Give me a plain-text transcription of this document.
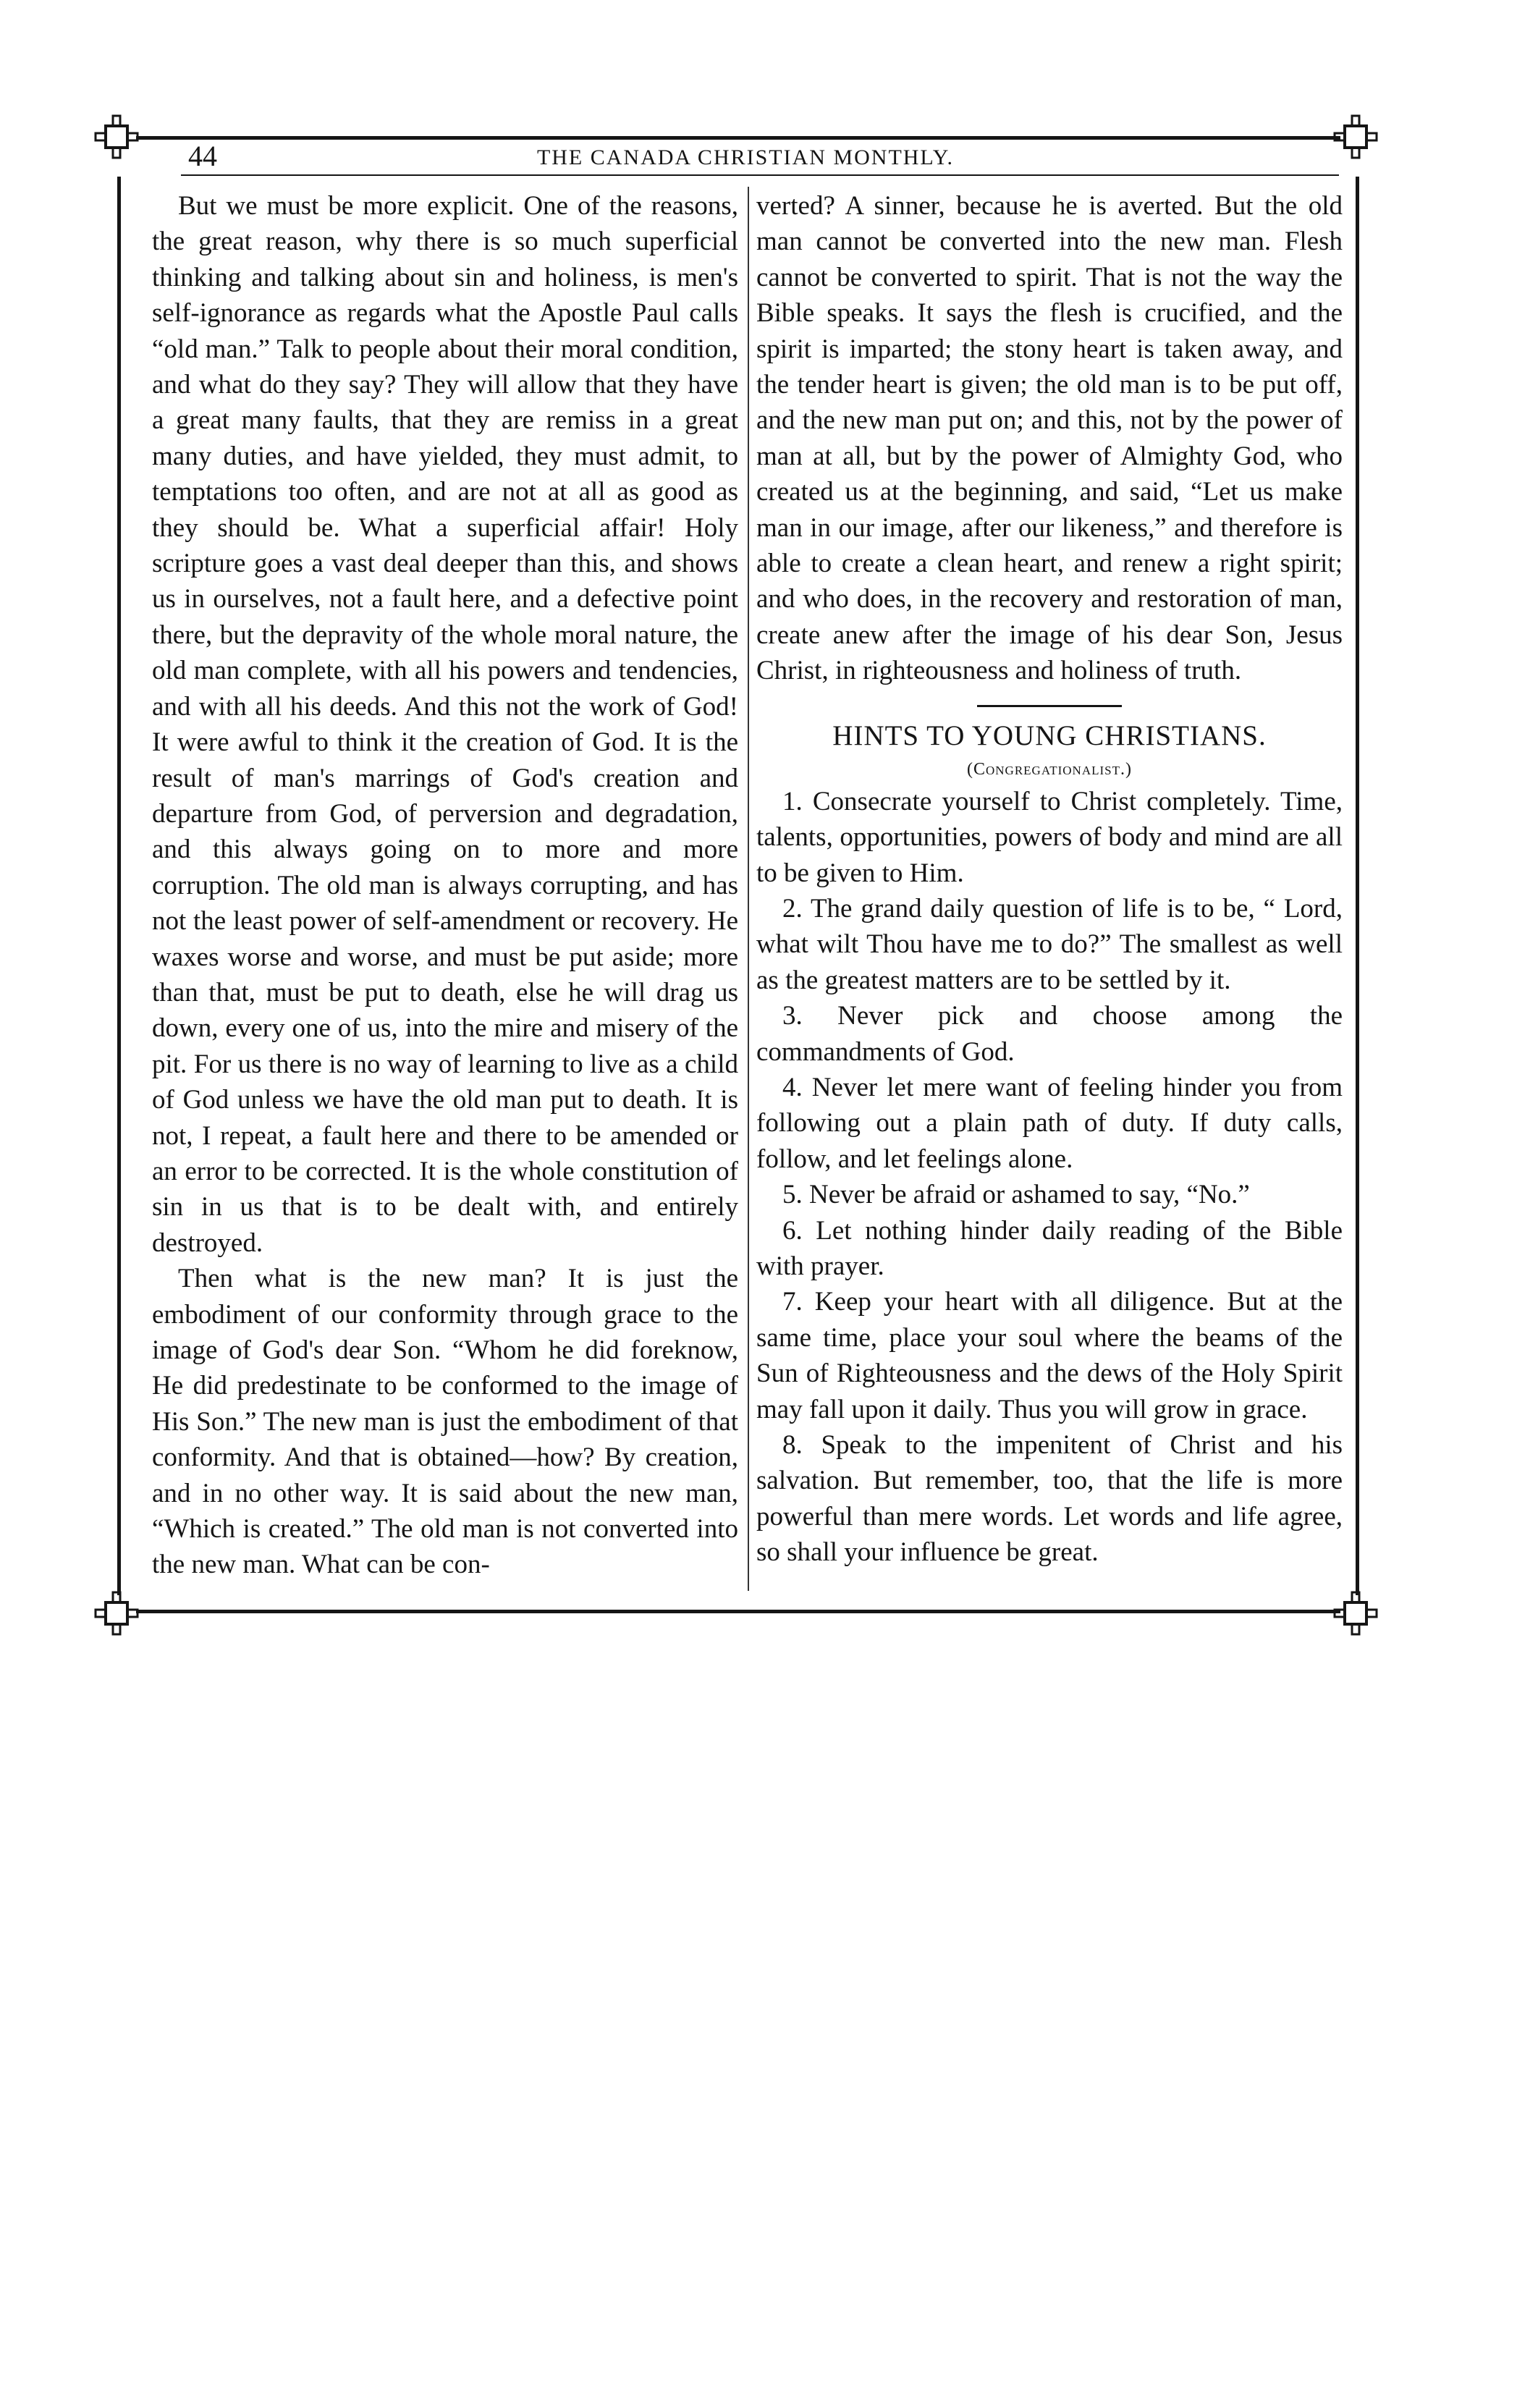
44	THE CANADA CHRISTIAN MONTHLY.

But we must be more explicit. One of the reasons, the great reason, why there is so much superficial thinking and talking about sin and holiness, is men's self-ignorance as regards what the Apostle Paul calls “old man.” Talk to people about their moral condition, and what do they say? They will allow that they have a great many faults, that they are remiss in a great many duties, and have yielded, they must admit, to temptations too often, and are not at all as good as they should be. What a superficial affair! Holy scripture goes a vast deal deeper than this, and shows us in ourselves, not a fault here, and a defective point there, but the depravity of the whole moral nature, the old man complete, with all his powers and tendencies, and with all his deeds. And this not the work of God! It were awful to think it the creation of God. It is the result of man's marrings of God's creation and departure from God, of perversion and degradation, and this always going on to more and more corruption. The old man is always corrupting, and has not the least power of self-amendment or recovery. He waxes worse and worse, and must be put aside; more than that, must be put to death, else he will drag us down, every one of us, into the mire and misery of the pit. For us there is no way of learning to live as a child of God unless we have the old man put to death. It is not, I repeat, a fault here and there to be amended or an error to be corrected. It is the whole constitution of sin in us that is to be dealt with, and entirely destroyed.

Then what is the new man? It is just the embodiment of our conformity through grace to the image of God's dear Son. “Whom he did foreknow, He did predestinate to be conformed to the image of His Son.” The new man is just the embodiment of that conformity. And that is obtained—how? By creation, and in no other way. It is said about the new man, “Which is created.” The old man is not converted into the new man. What can be con-

verted? A sinner, because he is averted. But the old man cannot be converted into the new man. Flesh cannot be converted to spirit. That is not the way the Bible speaks. It says the flesh is crucified, and the spirit is imparted; the stony heart is taken away, and the tender heart is given; the old man is to be put off, and the new man put on; and this, not by the power of man at all, but by the power of Almighty God, who created us at the beginning, and said, “Let us make man in our image, after our likeness,” and therefore is able to create a clean heart, and renew a right spirit; and who does, in the recovery and restoration of man, create anew after the image of his dear Son, Jesus Christ, in righteousness and holiness of truth.

HINTS TO YOUNG CHRISTIANS.
(Congregationalist.)

1. Consecrate yourself to Christ completely. Time, talents, opportunities, powers of body and mind are all to be given to Him.

2. The grand daily question of life is to be, “ Lord, what wilt Thou have me to do?” The smallest as well as the greatest matters are to be settled by it.

3. Never pick and choose among the commandments of God.

4. Never let mere want of feeling hinder you from following out a plain path of duty. If duty calls, follow, and let feelings alone.

5. Never be afraid or ashamed to say, “No.”

6. Let nothing hinder daily reading of the Bible with prayer.

7. Keep your heart with all diligence. But at the same time, place your soul where the beams of the Sun of Righteousness and the dews of the Holy Spirit may fall upon it daily. Thus you will grow in grace.

8. Speak to the impenitent of Christ and his salvation. But remember, too, that the life is more powerful than mere words. Let words and life agree, so shall your influence be great.
